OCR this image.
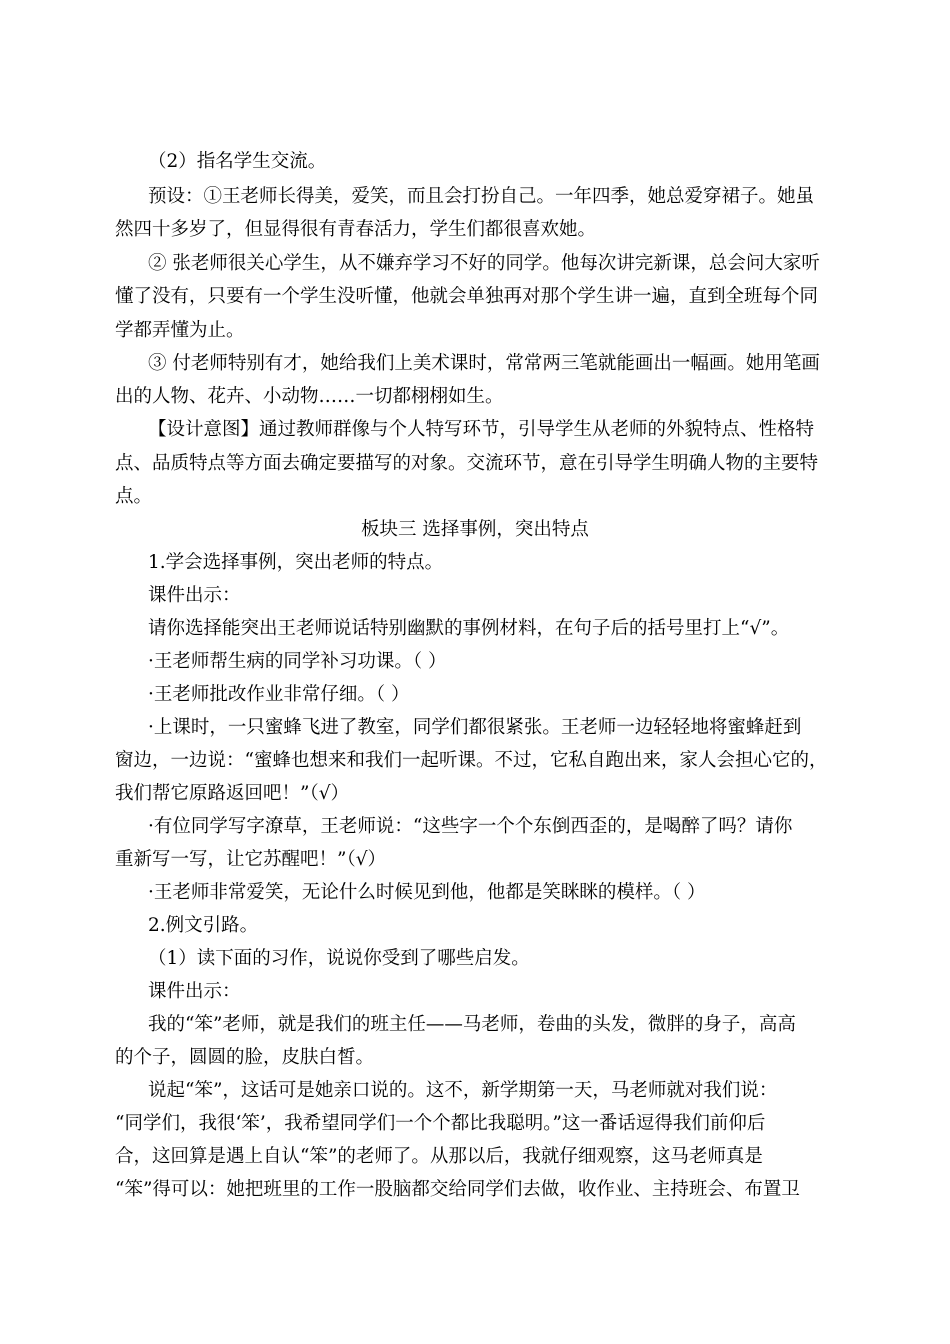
（2）指名学生交流。
预设：①王老师长得美，爱笑，而且会打扮自己。一年四季，她总爱穿裙子。她虽
然四十多岁了，但显得很有青春活力，学生们都很喜欢她。
② 张老师很关心学生，从不嫌弃学习不好的同学。他每次讲完新课，总会问大家听
懂了没有，只要有一个学生没听懂，他就会单独再对那个学生讲一遍，直到全班每个同
学都弄懂为止。
③ 付老师特别有才，她给我们上美术课时，常常两三笔就能画出一幅画。她用笔画
出的人物、花卉、小动物……一切都栩栩如生。
【设计意图】通过教师群像与个人特写环节，引导学生从老师的外貌特点、性格特
点、品质特点等方面去确定要描写的对象。交流环节，意在引导学生明确人物的主要特
点。
板块三 选择事例，突出特点
1.学会选择事例，突出老师的特点。
课件出示：
请你选择能突出王老师说话特别幽默的事例材料，在句子后的括号里打上“√”。
·王老师帮生病的同学补习功课。（ ）
·王老师批改作业非常仔细。（ ）
·上课时，一只蜜蜂飞进了教室，同学们都很紧张。王老师一边轻轻地将蜜蜂赶到
窗边，一边说：“蜜蜂也想来和我们一起听课。不过，它私自跑出来，家人会担心它的，
我们帮它原路返回吧！”（√）
·有位同学写字潦草，王老师说：“这些字一个个东倒西歪的，是喝醉了吗？请你
重新写一写，让它苏醒吧！”（√）
·王老师非常爱笑，无论什么时候见到他，他都是笑眯眯的模样。（ ）
2.例文引路。
（1）读下面的习作，说说你受到了哪些启发。
课件出示：
我的“笨”老师，就是我们的班主任——马老师，卷曲的头发，微胖的身子，高高
的个子，圆圆的脸，皮肤白皙。
说起“笨”，这话可是她亲口说的。这不，新学期第一天，马老师就对我们说：
“同学们，我很‘笨’，我希望同学们一个个都比我聪明。”这一番话逗得我们前仰后
合，这回算是遇上自认“笨”的老师了。从那以后，我就仔细观察，这马老师真是
“笨”得可以：她把班里的工作一股脑都交给同学们去做，收作业、主持班会、布置卫
